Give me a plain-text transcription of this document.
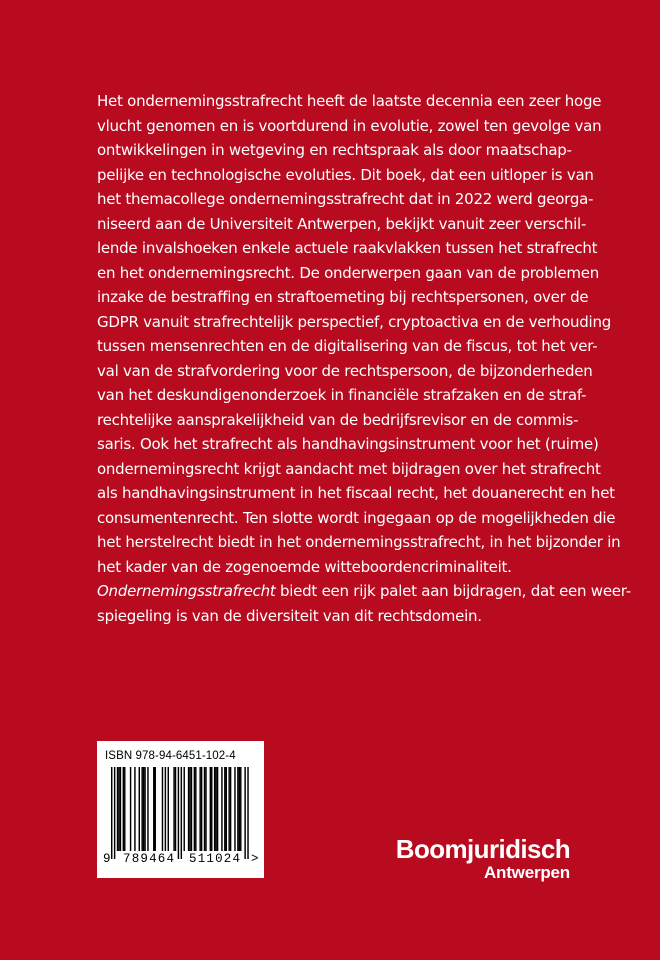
Het ondernemingsstrafrecht heeft de laatste decennia een zeer hoge
vlucht genomen en is voortdurend in evolutie, zowel ten gevolge van
ontwikkelingen in wetgeving en rechtspraak als door maatschap-
pelijke en technologische evoluties. Dit boek, dat een uitloper is van
het themacollege ondernemingsstrafrecht dat in 2022 werd georga-
niseerd aan de Universiteit Antwerpen, bekijkt vanuit zeer verschil-
lende invalshoeken enkele actuele raakvlakken tussen het strafrecht
en het ondernemingsrecht. De onderwerpen gaan van de problemen
inzake de bestraffing en straftoemeting bij rechtspersonen, over de
GDPR vanuit strafrechtelijk perspectief, cryptoactiva en de verhouding
tussen mensenrechten en de digitalisering van de fiscus, tot het ver-
val van de strafvordering voor de rechtspersoon, de bijzonderheden
van het deskundigenonderzoek in financiële strafzaken en de straf-
rechtelijke aansprakelijkheid van de bedrijfsrevisor en de commis-
saris. Ook het strafrecht als handhavingsinstrument voor het (ruime)
ondernemingsrecht krijgt aandacht met bijdragen over het strafrecht
als handhavingsinstrument in het fiscaal recht, het douanerecht en het
consumentenrecht. Ten slotte wordt ingegaan op de mogelijkheden die
het herstelrecht biedt in het ondernemingsstrafrecht, in het bijzonder in
het kader van de zogenoemde witteboordencriminaliteit.
Ondernemingsstrafrecht biedt een rijk palet aan bijdragen, dat een weer-
spiegeling is van de diversiteit van dit rechtsdomein.
ISBN 978-94-6451-102-4
9 789464 511024 >	Boomjuridisch
Antwerpen
